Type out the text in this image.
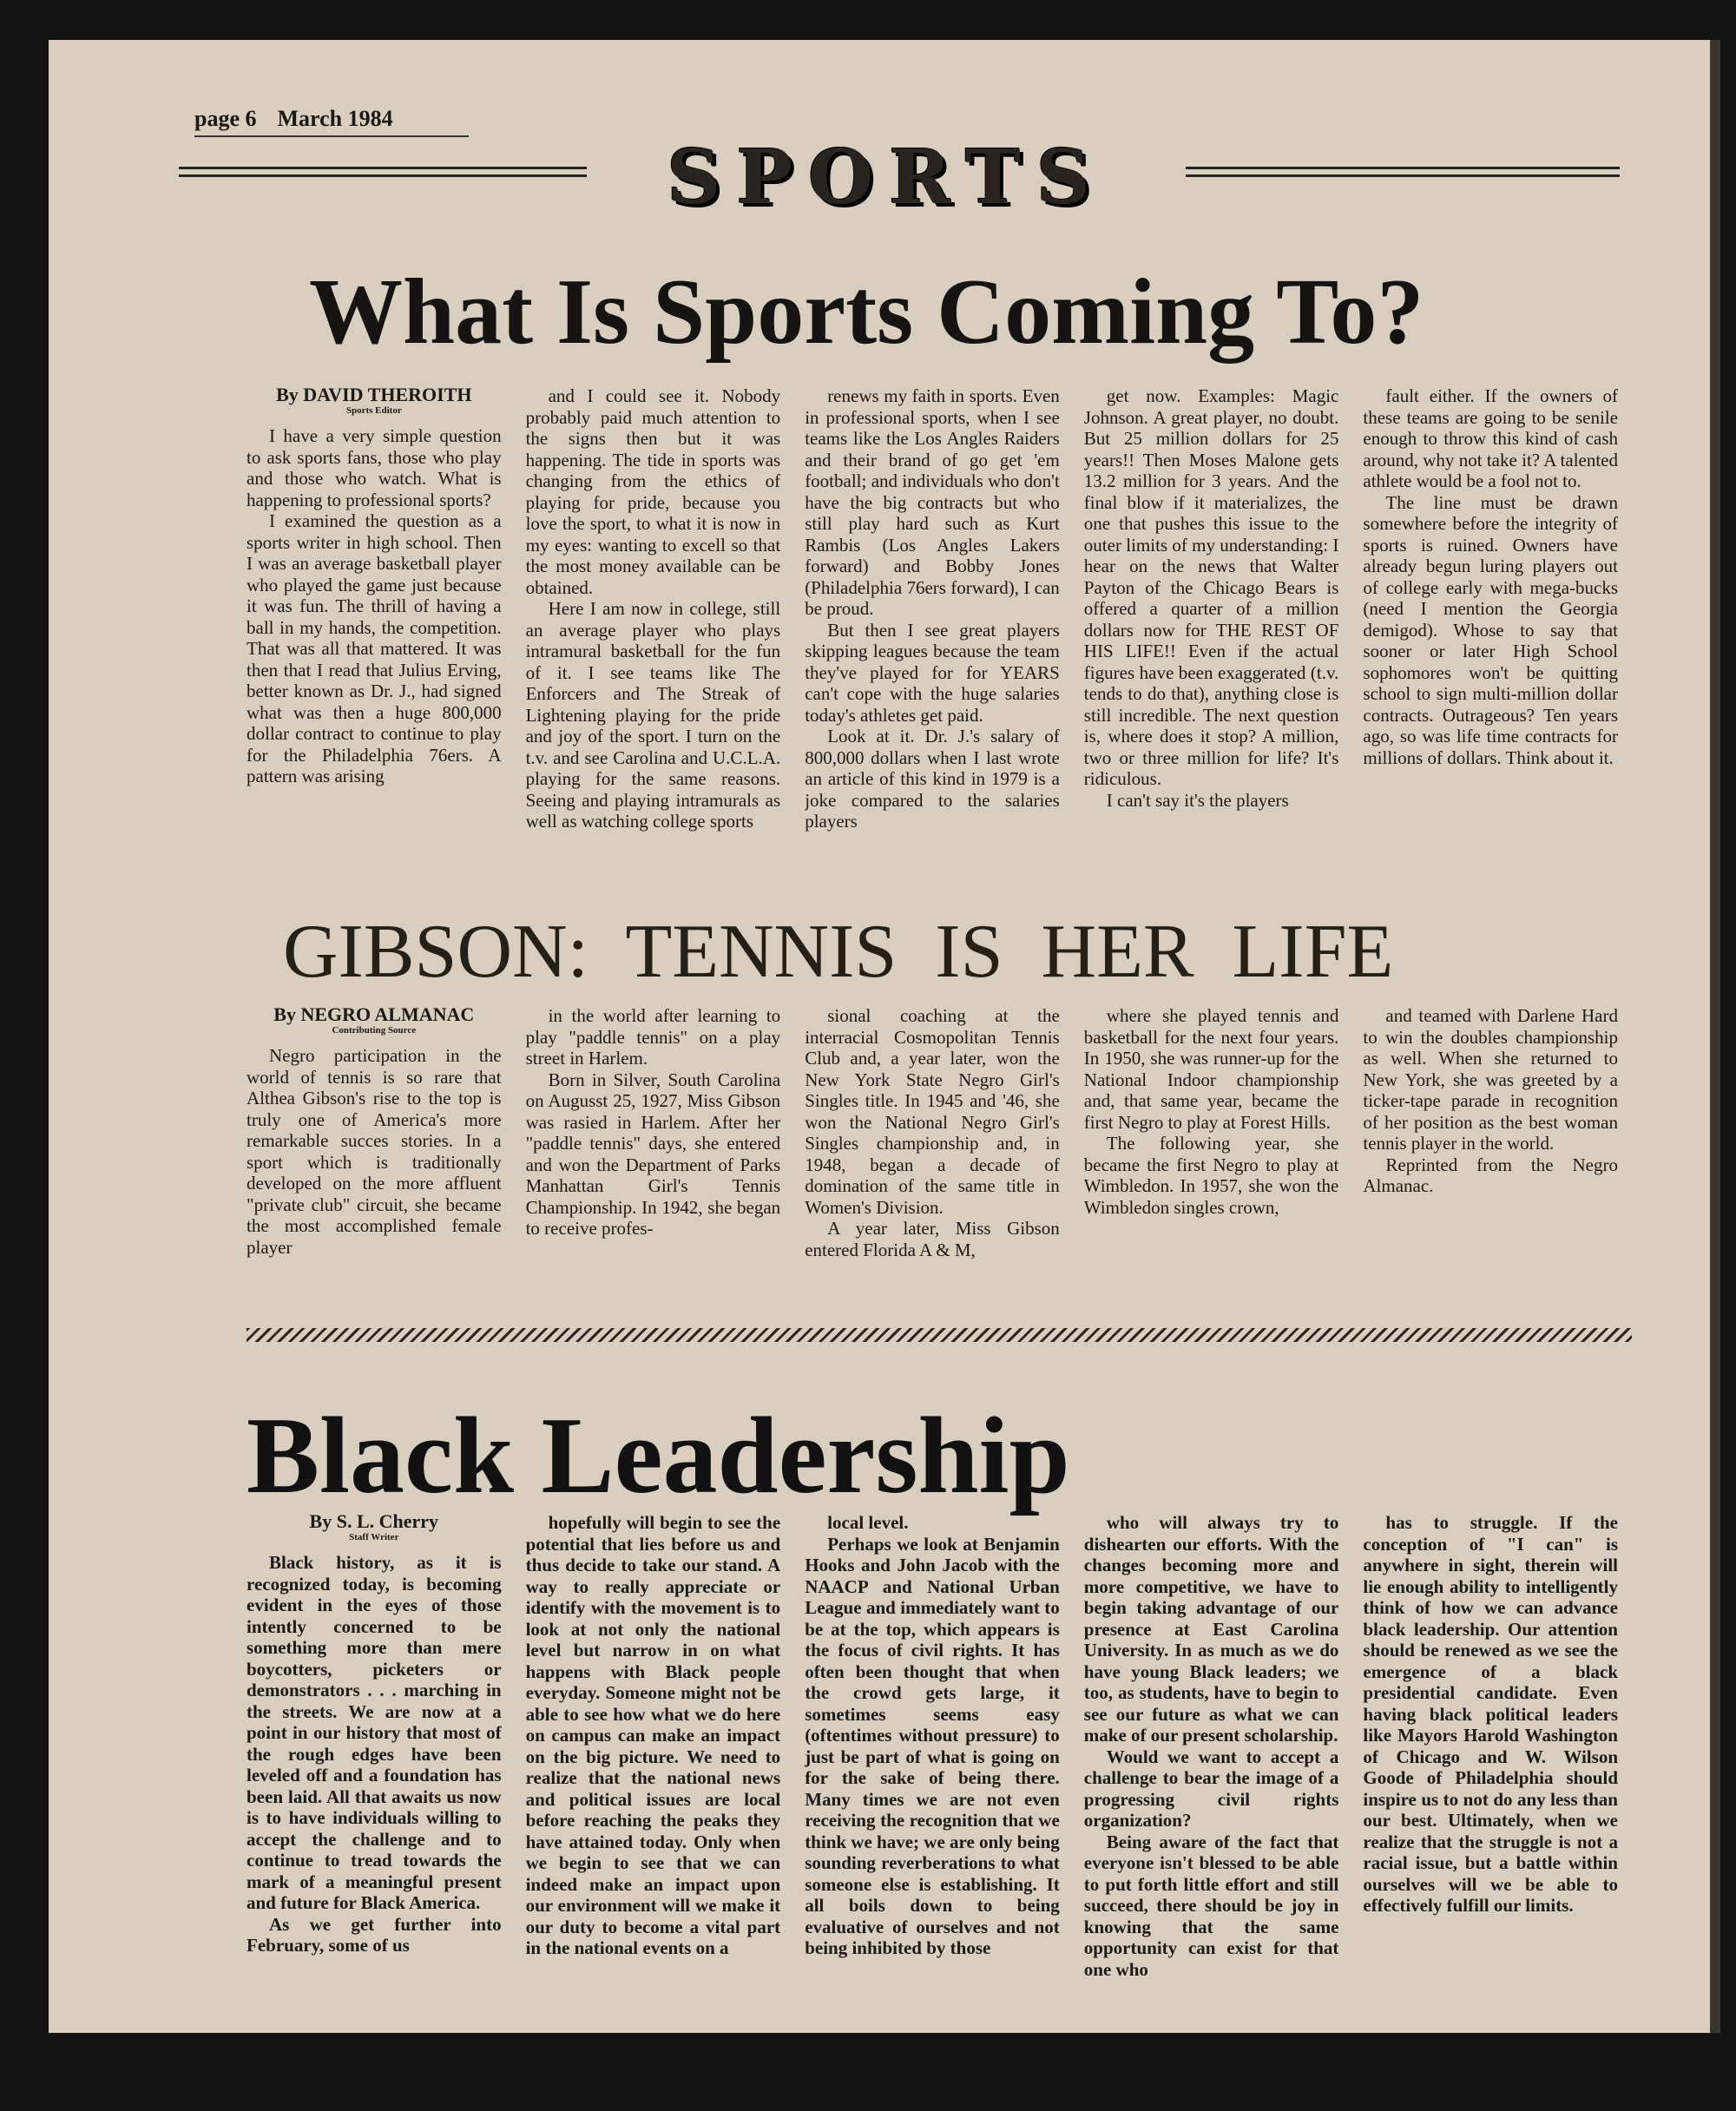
page 6 March 1984
SPORTS
What Is Sports Coming To?
By DAVID THEROITH
Sports Editor

I have a very simple question to ask sports fans, those who play and those who watch. What is happening to professional sports?
I examined the question as a sports writer in high school. Then I was an average basketball player who played the game just because it was fun. The thrill of having a ball in my hands, the competition. That was all that mattered. It was then that I read that Julius Erving, better known as Dr. J., had signed what was then a huge 800,000 dollar contract to continue to play for the Philadelphia 76ers. A pattern was arising

and I could see it. Nobody probably paid much attention to the signs then but it was happening. The tide in sports was changing from the ethics of playing for pride, because you love the sport, to what it is now in my eyes: wanting to excell so that the most money available can be obtained.
Here I am now in college, still an average player who plays intramural basketball for the fun of it. I see teams like The Enforcers and The Streak of Lightening playing for the pride and joy of the sport. I turn on the t.v. and see Carolina and U.C.L.A. playing for the same reasons. Seeing and playing intramurals as well as watching college sports

renews my faith in sports. Even in professional sports, when I see teams like the Los Angles Raiders and their brand of go get 'em football; and individuals who don't have the big contracts but who still play hard such as Kurt Rambis (Los Angles Lakers forward) and Bobby Jones (Philadelphia 76ers forward), I can be proud.
But then I see great players skipping leagues because the team they've played for for YEARS can't cope with the huge salaries today's athletes get paid.
Look at it. Dr. J.'s salary of 800,000 dollars when I last wrote an article of this kind in 1979 is a joke compared to the salaries players

get now. Examples: Magic Johnson. A great player, no doubt. But 25 million dollars for 25 years!! Then Moses Malone gets 13.2 million for 3 years. And the final blow if it materializes, the one that pushes this issue to the outer limits of my understanding: I hear on the news that Walter Payton of the Chicago Bears is offered a quarter of a million dollars now for THE REST OF HIS LIFE!! Even if the actual figures have been exaggerated (t.v. tends to do that), anything close is still incredible. The next question is, where does it stop? A million, two or three million for life? It's ridiculous.
I can't say it's the players

fault either. If the owners of these teams are going to be senile enough to throw this kind of cash around, why not take it? A talented athlete would be a fool not to.
The line must be drawn somewhere before the integrity of sports is ruined. Owners have already begun luring players out of college early with mega-bucks (need I mention the Georgia demigod). Whose to say that sooner or later High School sophomores won't be quitting school to sign multi-million dollar contracts. Outrageous? Ten years ago, so was life time contracts for millions of dollars. Think about it.

GIBSON: TENNIS IS HER LIFE
By NEGRO ALMANAC
Contributing Source

Negro participation in the world of tennis is so rare that Althea Gibson's rise to the top is truly one of America's more remarkable succes stories. In a sport which is traditionally developed on the more affluent "private club" circuit, she became the most accomplished female player

in the world after learning to play "paddle tennis" on a play street in Harlem.
Born in Silver, South Carolina on Augusst 25, 1927, Miss Gibson was rasied in Harlem. After her "paddle tennis" days, she entered and won the Department of Parks Manhattan Girl's Tennis Championship. In 1942, she began to receive profes-

sional coaching at the interracial Cosmopolitan Tennis Club and, a year later, won the New York State Negro Girl's Singles title. In 1945 and '46, she won the National Negro Girl's Singles championship and, in 1948, began a decade of domination of the same title in Women's Division.
A year later, Miss Gibson entered Florida A & M,

where she played tennis and basketball for the next four years. In 1950, she was runner-up for the National Indoor championship and, that same year, became the first Negro to play at Forest Hills.
The following year, she became the first Negro to play at Wimbledon. In 1957, she won the Wimbledon singles crown,

and teamed with Darlene Hard to win the doubles championship as well. When she returned to New York, she was greeted by a ticker-tape parade in recognition of her position as the best woman tennis player in the world.
Reprinted from the Negro Almanac.

Black Leadership
By S. L. Cherry
Staff Writer

Black history, as it is recognized today, is becoming evident in the eyes of those intently concerned to be something more than mere boycotters, picketers or demonstrators . . . marching in the streets. We are now at a point in our history that most of the rough edges have been leveled off and a foundation has been laid. All that awaits us now is to have individuals willing to accept the challenge and to continue to tread towards the mark of a meaningful present and future for Black America.
As we get further into February, some of us

hopefully will begin to see the potential that lies before us and thus decide to take our stand. A way to really appreciate or identify with the movement is to look at not only the national level but narrow in on what happens with Black people everyday. Someone might not be able to see how what we do here on campus can make an impact on the big picture. We need to realize that the national news and political issues are local before reaching the peaks they have attained today. Only when we begin to see that we can indeed make an impact upon our environment will we make it our duty to become a vital part in the national events on a

local level.
Perhaps we look at Benjamin Hooks and John Jacob with the NAACP and National Urban League and immediately want to be at the top, which appears is the focus of civil rights. It has often been thought that when the crowd gets large, it sometimes seems easy (oftentimes without pressure) to just be part of what is going on for the sake of being there. Many times we are not even receiving the recognition that we think we have; we are only being sounding reverberations to what someone else is establishing. It all boils down to being evaluative of ourselves and not being inhibited by those

who will always try to dishearten our efforts. With the changes becoming more and more competitive, we have to begin taking advantage of our presence at East Carolina University. In as much as we do have young Black leaders; we too, as students, have to begin to see our future as what we can make of our present scholarship.
Would we want to accept a challenge to bear the image of a progressing civil rights organization?
Being aware of the fact that everyone isn't blessed to be able to put forth little effort and still succeed, there should be joy in knowing that the same opportunity can exist for that one who

has to struggle. If the conception of "I can" is anywhere in sight, therein will lie enough ability to intelligently think of how we can advance black leadership. Our attention should be renewed as we see the emergence of a black presidential candidate. Even having black political leaders like Mayors Harold Washington of Chicago and W. Wilson Goode of Philadelphia should inspire us to not do any less than our best. Ultimately, when we realize that the struggle is not a racial issue, but a battle within ourselves will we be able to effectively fulfill our limits.
